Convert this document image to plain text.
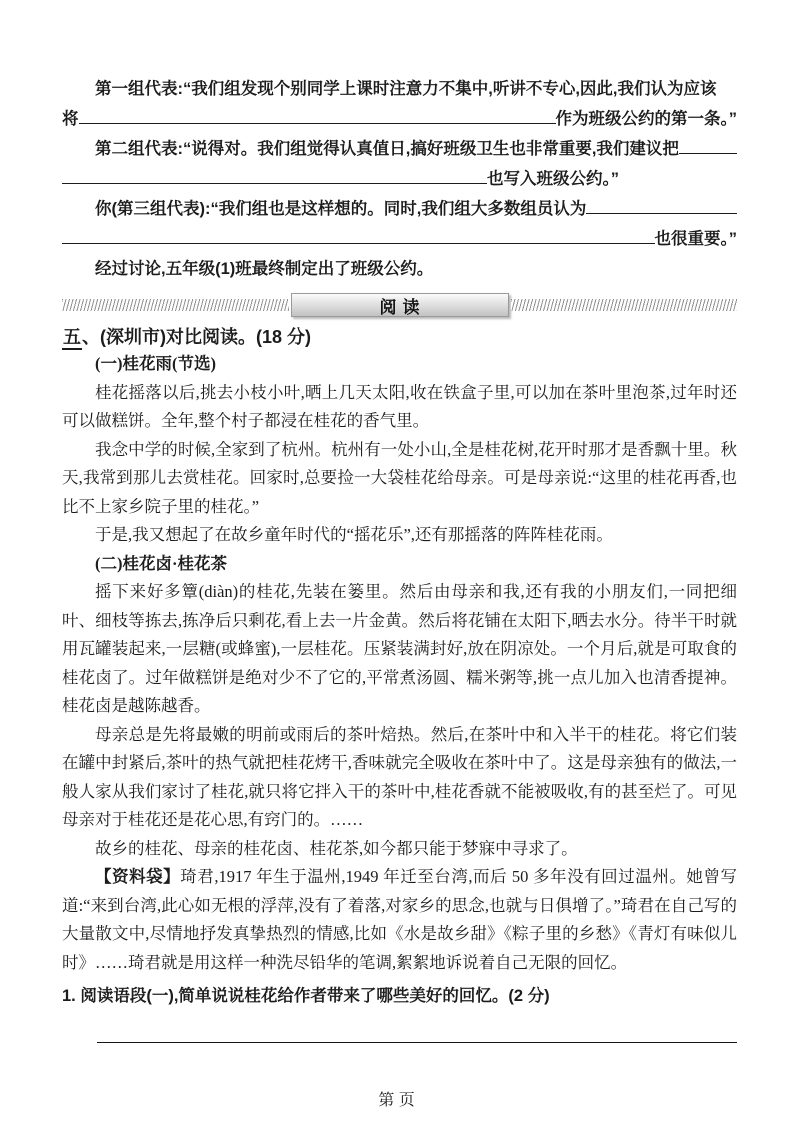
第一组代表:“我们组发现个别同学上课时注意力不集中,听讲不专心,因此,我们认为应该

将	作为班级公约的第一条。”
第二组代表:“说得对。我们组觉得认真值日,搞好班级卫生也非常重要,我们建议把
也写入班级公约。”
你(第三组代表):“我们组也是这样想的。同时,我们组大多数组员认为
也很重要。”

经过讨论,五年级(1)班最终制定出了班级公约。

阅读

五、(深圳市)对比阅读。(18 分)

(一)桂花雨(节选)

桂花摇落以后,挑去小枝小叶,晒上几天太阳,收在铁盒子里,可以加在茶叶里泡茶,过年时还可以做糕饼。全年,整个村子都浸在桂花的香气里。

我念中学的时候,全家到了杭州。杭州有一处小山,全是桂花树,花开时那才是香飘十里。秋天,我常到那儿去赏桂花。回家时,总要捡一大袋桂花给母亲。可是母亲说:“这里的桂花再香,也比不上家乡院子里的桂花。”

于是,我又想起了在故乡童年时代的“摇花乐”,还有那摇落的阵阵桂花雨。

(二)桂花卤·桂花茶

摇下来好多簟(diàn)的桂花,先装在篓里。然后由母亲和我,还有我的小朋友们,一同把细叶、细枝等拣去,拣净后只剩花,看上去一片金黄。然后将花铺在太阳下,晒去水分。待半干时就用瓦罐装起来,一层糖(或蜂蜜),一层桂花。压紧装满封好,放在阴凉处。一个月后,就是可取食的桂花卤了。过年做糕饼是绝对少不了它的,平常煮汤圆、糯米粥等,挑一点儿加入也清香提神。桂花卤是越陈越香。

母亲总是先将最嫩的明前或雨后的茶叶焙热。然后,在茶叶中和入半干的桂花。将它们装在罐中封紧后,茶叶的热气就把桂花烤干,香味就完全吸收在茶叶中了。这是母亲独有的做法,一般人家从我们家讨了桂花,就只将它拌入干的茶叶中,桂花香就不能被吸收,有的甚至烂了。可见母亲对于桂花还是花心思,有窍门的。……

故乡的桂花、母亲的桂花卤、桂花茶,如今都只能于梦寐中寻求了。

【资料袋】琦君,1917 年生于温州,1949 年迁至台湾,而后 50 多年没有回过温州。她曾写道:“来到台湾,此心如无根的浮萍,没有了着落,对家乡的思念,也就与日俱增了。”琦君在自己写的大量散文中,尽情地抒发真挚热烈的情感,比如《水是故乡甜》《粽子里的乡愁》《青灯有味似儿时》……琦君就是用这样一种洗尽铅华的笔调,絮絮地诉说着自己无限的回忆。

1. 阅读语段(一),简单说说桂花给作者带来了哪些美好的回忆。(2 分)

第 页
